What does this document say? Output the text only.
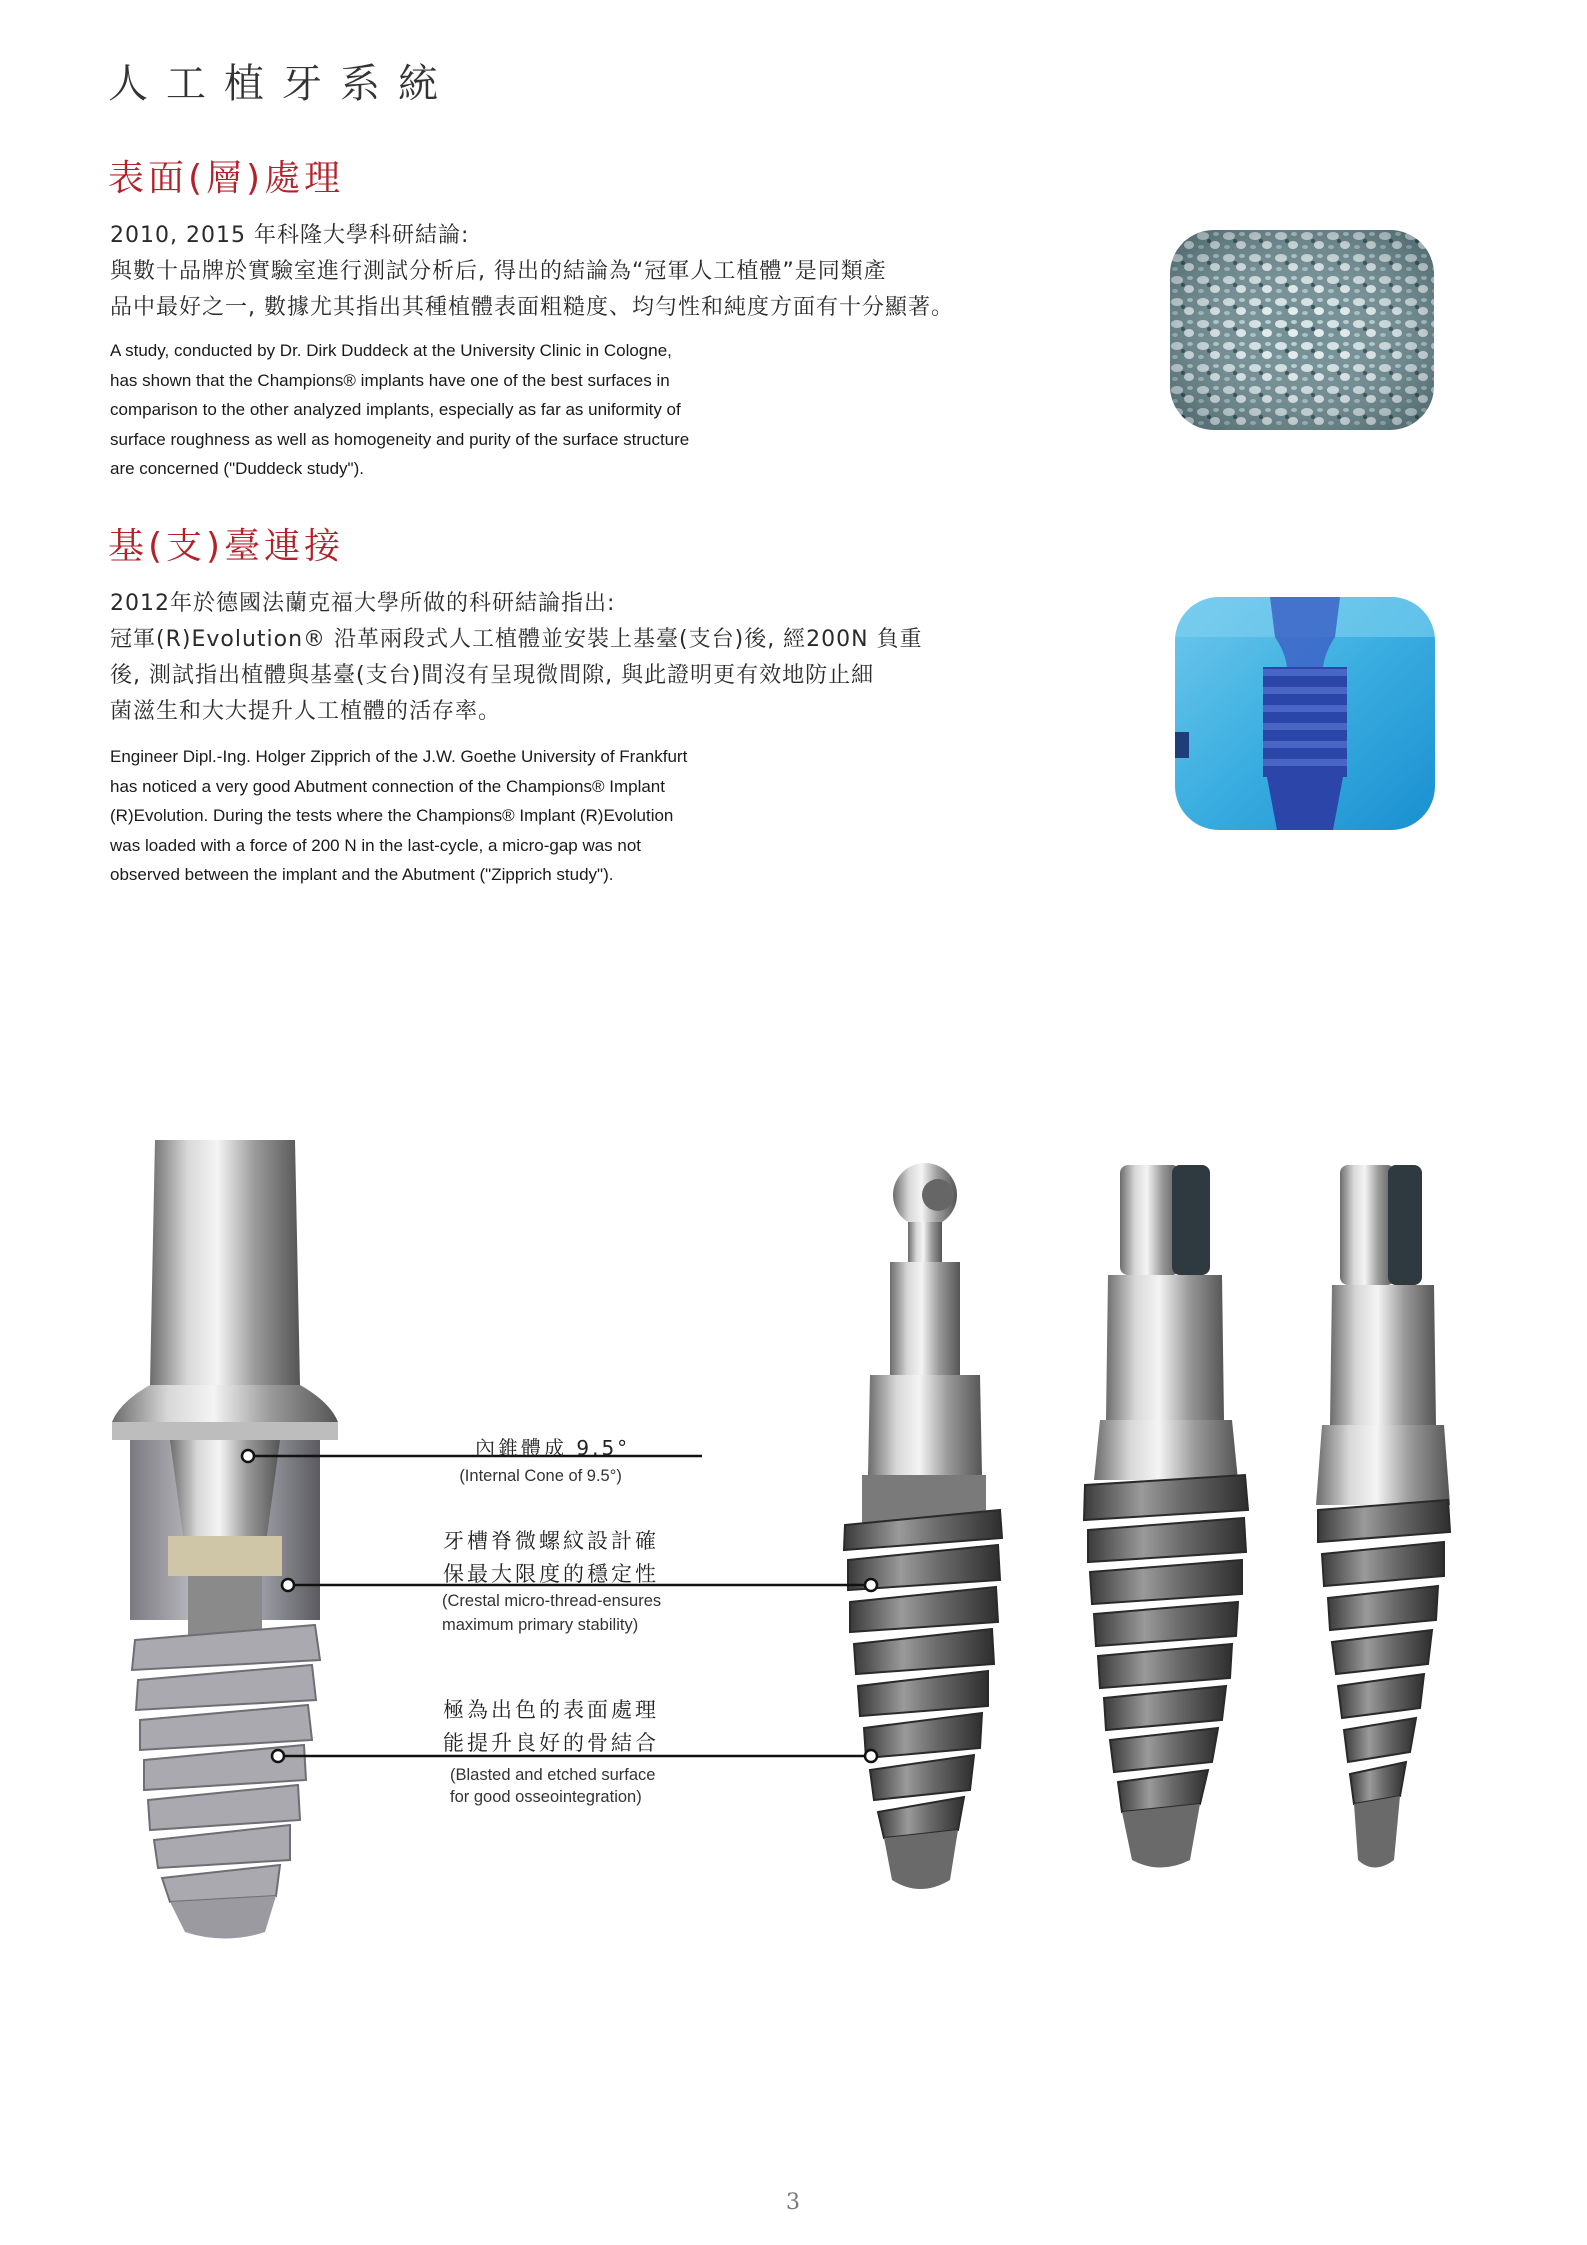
人工植牙系統
表面(層)處理
2010, 2015 年科隆大學科研結論:
與數十品牌於實驗室進行測試分析后, 得出的結論為“冠軍人工植體”是同類產
品中最好之一, 數據尤其指出其種植體表面粗糙度、均勻性和純度方面有十分顯著。
A study, conducted by Dr. Dirk Duddeck at the University Clinic in Cologne,
has shown that the Champions® implants have one of the best surfaces in
comparison to the other analyzed implants, especially as far as uniformity of
surface roughness as well as homogeneity and purity of the surface structure
are concerned ("Duddeck study").
基(支)臺連接
2012年於德國法蘭克福大學所做的科研結論指出:
冠軍(R)Evolution® 沿革兩段式人工植體並安裝上基臺(支台)後, 經200N 負重
後, 測試指出植體與基臺(支台)間沒有呈現微間隙, 與此證明更有效地防止細
菌滋生和大大提升人工植體的活存率。
Engineer Dipl.-Ing. Holger Zipprich of the J.W. Goethe University of Frankfurt
has noticed a very good Abutment connection of the Champions® Implant
(R)Evolution. During the tests where the Champions® Implant (R)Evolution
was loaded with a force of 200 N in the last-cycle, a micro-gap was not
observed between the implant and the Abutment ("Zipprich study").
內錐體成 9.5°
(Internal Cone of 9.5°)
牙槽脊微螺紋設計確
保最大限度的穩定性
(Crestal micro-thread-ensures
maximum primary stability)
極為出色的表面處理
能提升良好的骨結合
(Blasted and etched surface
for good osseointegration)
3
